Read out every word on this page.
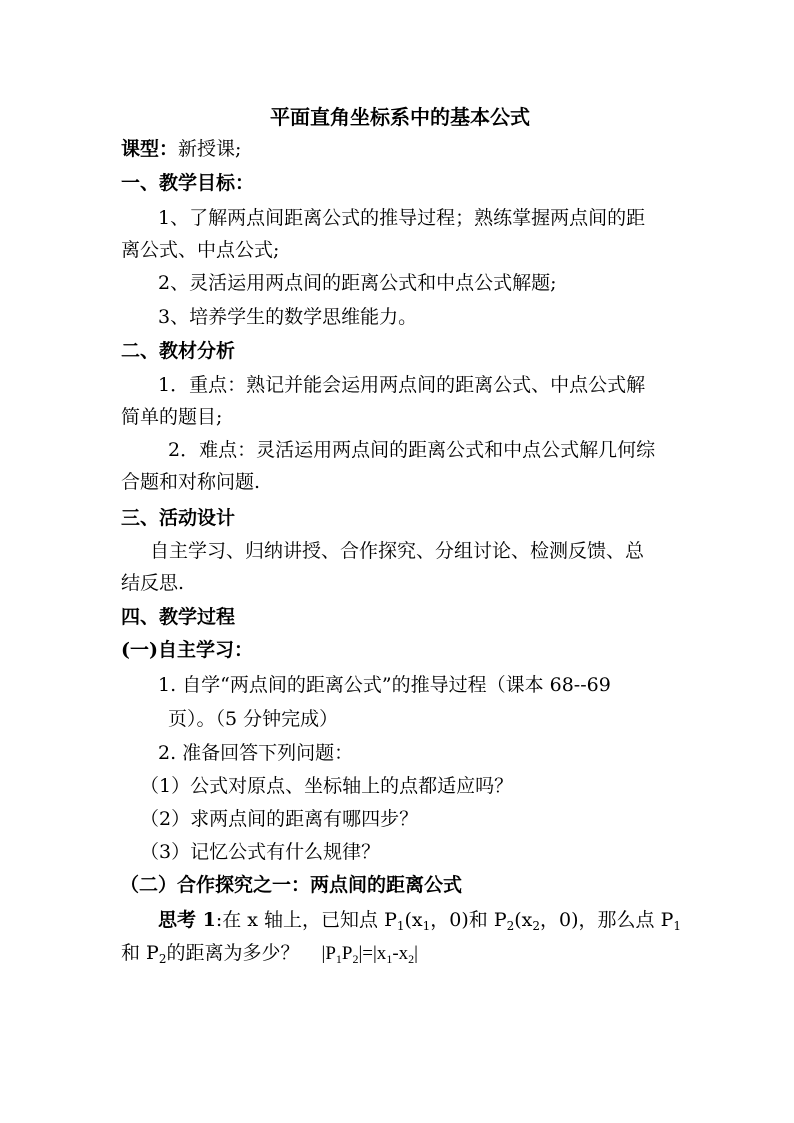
平面直角坐标系中的基本公式
课型：新授课;
一、教学目标：
1、了解两点间距离公式的推导过程；熟练掌握两点间的距
离公式、中点公式;
2、灵活运用两点间的距离公式和中点公式解题;
3、培养学生的数学思维能力。
二、教材分析
1．重点：熟记并能会运用两点间的距离公式、中点公式解
简单的题目;
2．难点：灵活运用两点间的距离公式和中点公式解几何综
合题和对称问题.
三、活动设计
自主学习、归纳讲授、合作探究、分组讨论、检测反馈、总
结反思.
四、教学过程
(一)自主学习：
1. 自学“两点间的距离公式”的推导过程（课本 68--69
页）。（5 分钟完成）
2. 准备回答下列问题：
（1）公式对原点、坐标轴上的点都适应吗？
（2）求两点间的距离有哪四步？
（3）记忆公式有什么规律？
（二）合作探究之一：两点间的距离公式
思考 1:在 x 轴上，已知点 $P_1(x_1$，0)和 $P_2(x_2$，0)，那么点 $P_1$
和 $P_2$的距离为多少？ $|P_1P_2|=|x_1-x_2|$
